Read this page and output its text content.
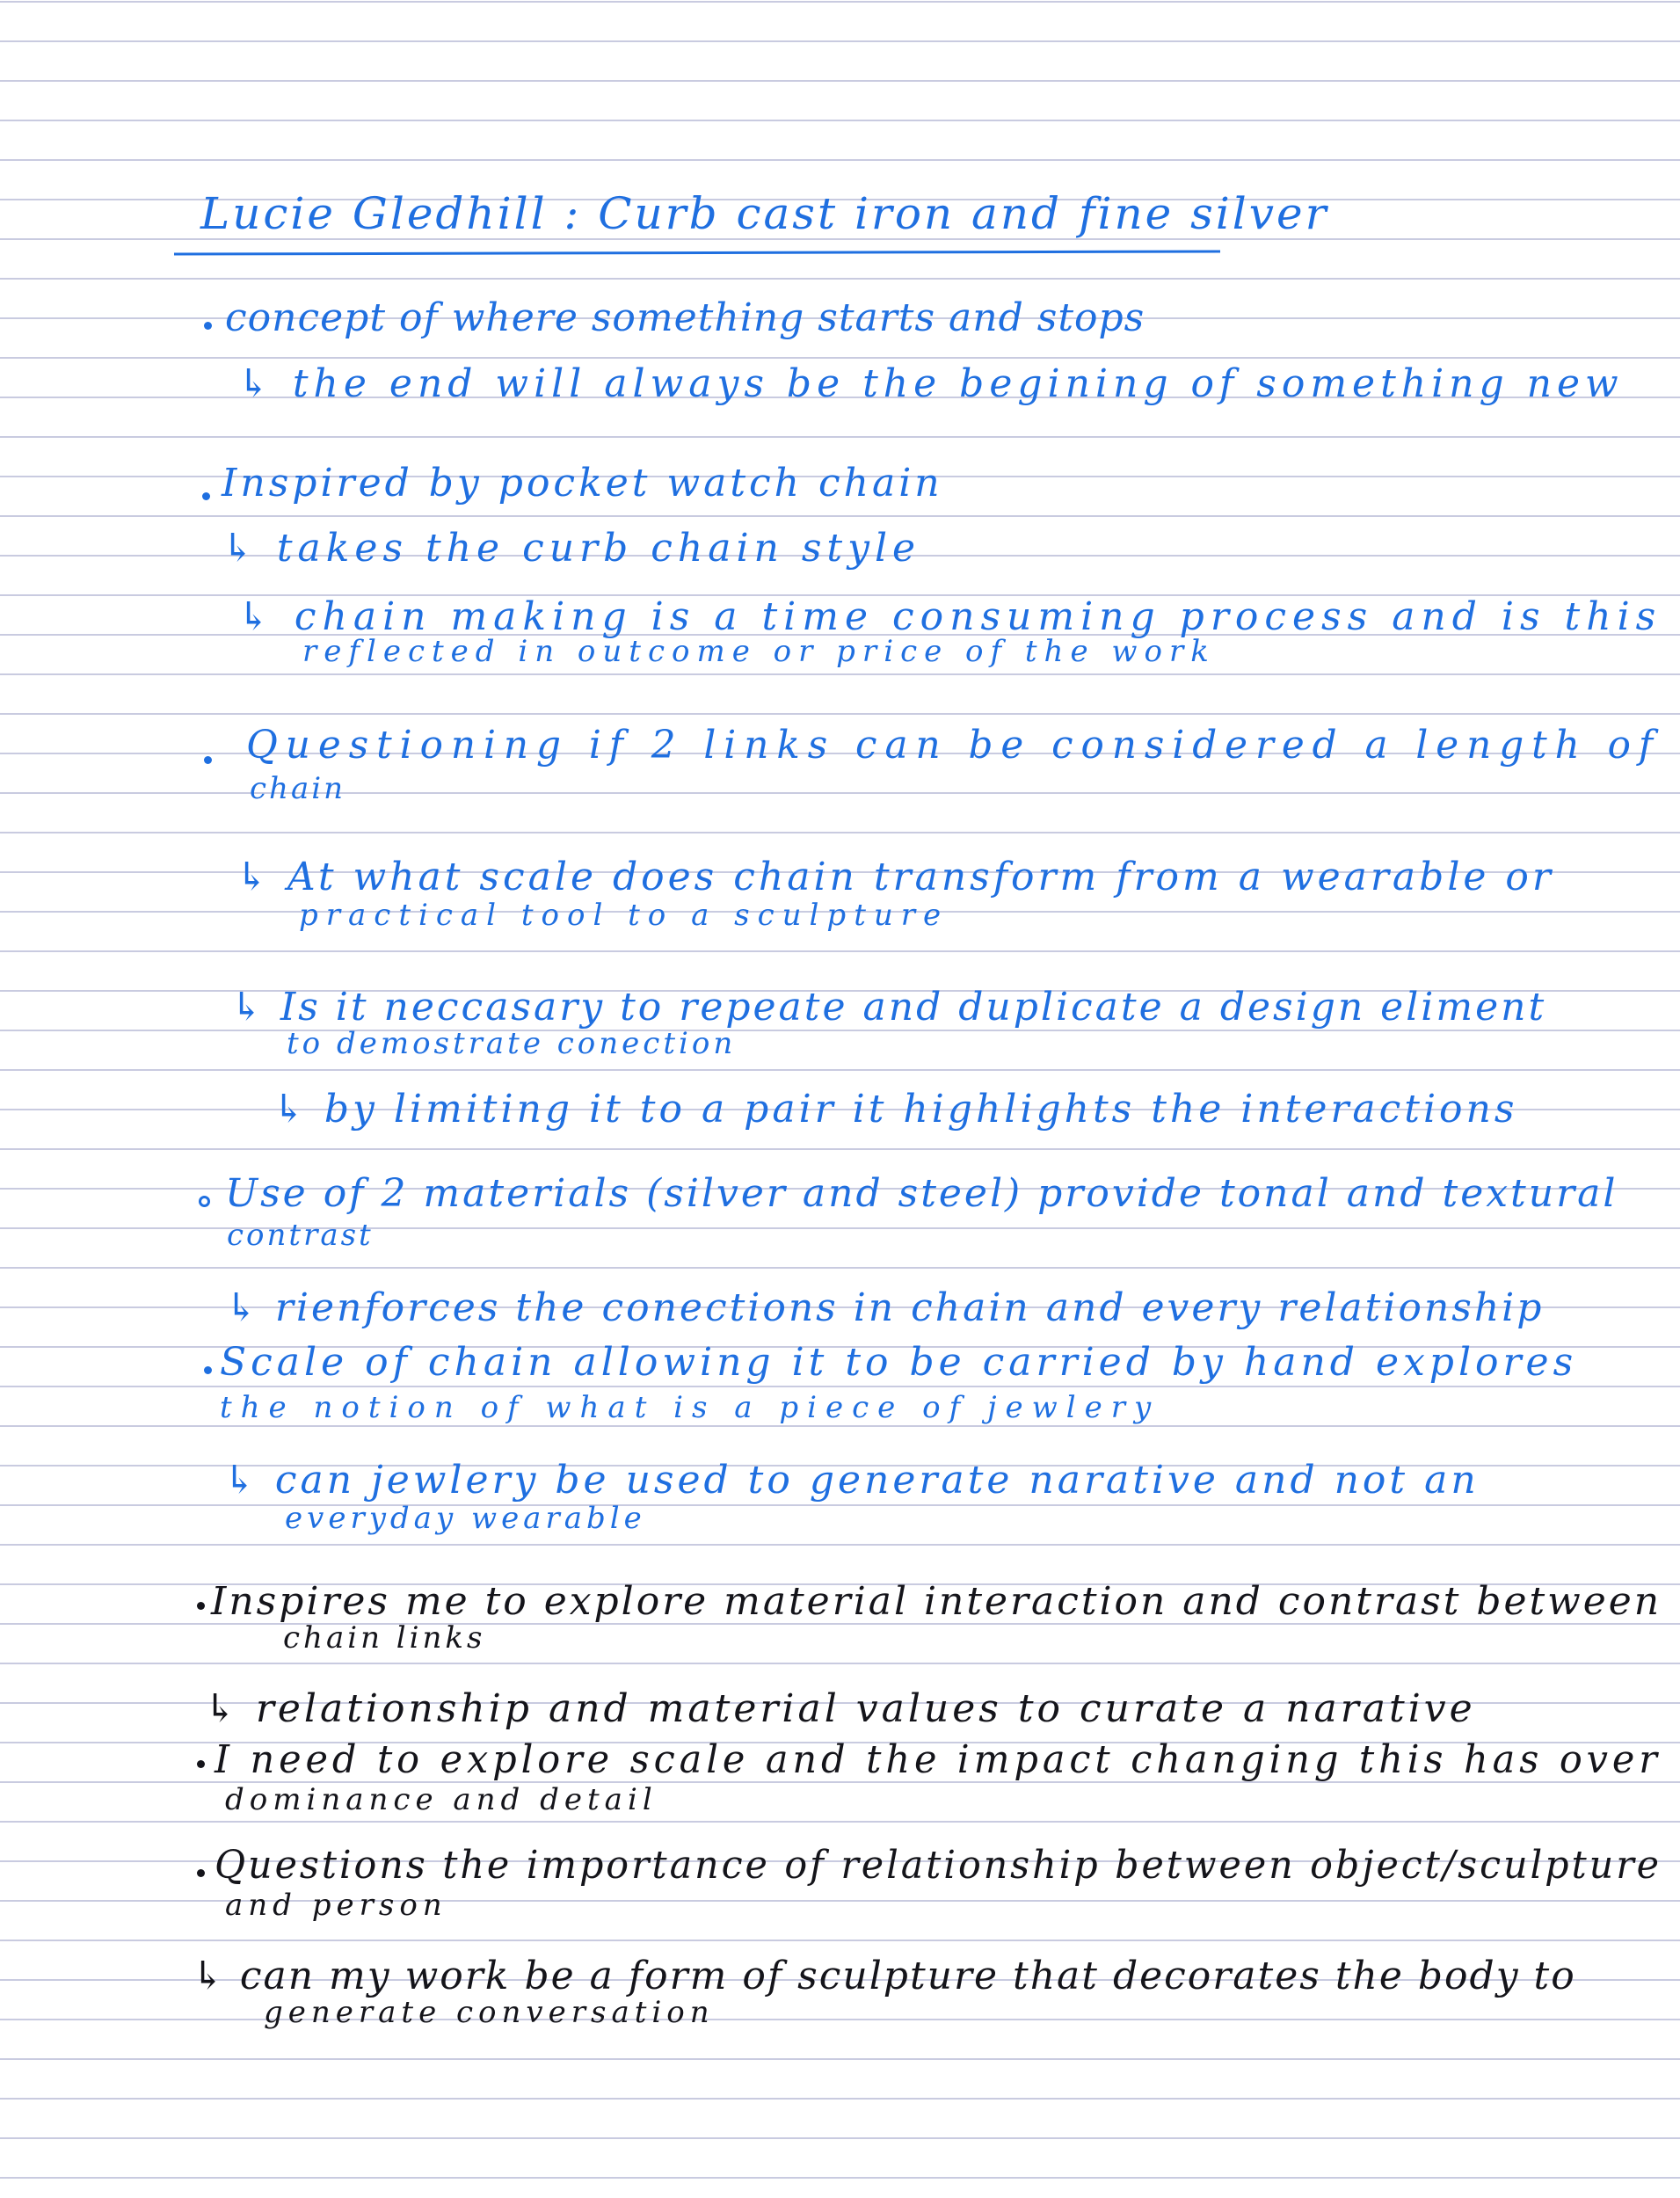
Lucie Gledhill : Curb cast iron and fine silver
concept of where something starts and stops
↳ the end will always be the begining of something new
Inspired by pocket watch chain
↳ takes the curb chain style
↳ chain making is a time consuming process and is this
reflected in outcome or price of the work
Questioning if 2 links can be considered a length of
chain
↳ At what scale does chain transform from a wearable or
practical tool to a sculpture
↳ Is it neccasary to repeate and duplicate a design eliment
to demostrate conection
↳ by limiting it to a pair it highlights the interactions
Use of 2 materials (silver and steel) provide tonal and textural
contrast
↳ rienforces the conections in chain and every relationship
Scale of chain allowing it to be carried by hand explores
the notion of what is a piece of jewlery
↳ can jewlery be used to generate narative and not an
everyday wearable
Inspires me to explore material interaction and contrast between
chain links
↳ relationship and material values to curate a narative
I need to explore scale and the impact changing this has over
dominance and detail
Questions the importance of relationship between object/sculpture
and person
↳ can my work be a form of sculpture that decorates the body to
generate conversation
